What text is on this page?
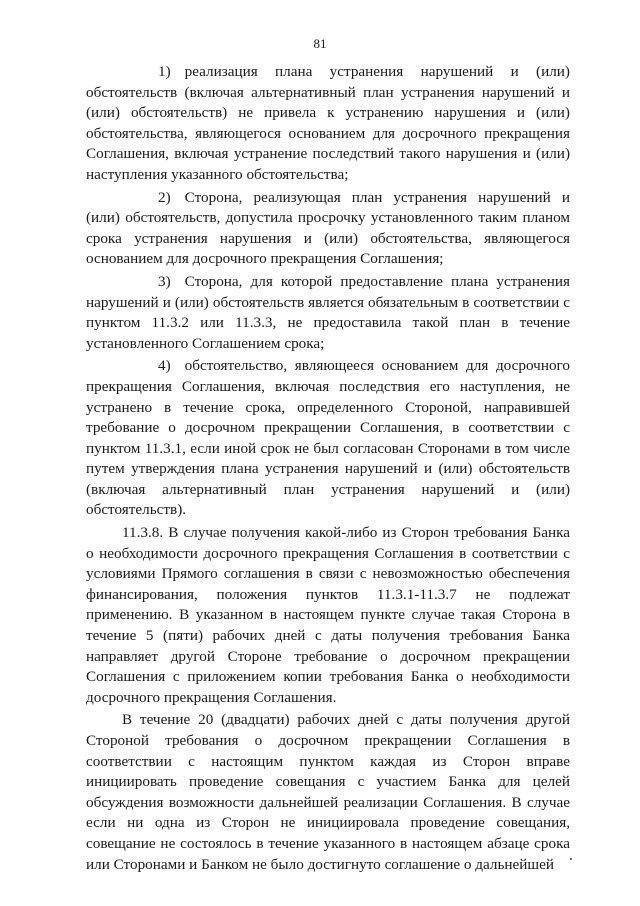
81

1) реализация плана устранения нарушений и (или) обстоятельств (включая альтернативный план устранения нарушений и (или) обстоятельств) не привела к устранению нарушения и (или) обстоятельства, являющегося основанием для досрочного прекращения Соглашения, включая устранение последствий такого нарушения и (или) наступления указанного обстоятельства;

2) Сторона, реализующая план устранения нарушений и (или) обстоятельств, допустила просрочку установленного таким планом срока устранения нарушения и (или) обстоятельства, являющегося основанием для досрочного прекращения Соглашения;

3) Сторона, для которой предоставление плана устранения нарушений и (или) обстоятельств является обязательным в соответствии с пунктом 11.3.2 или 11.3.3, не предоставила такой план в течение установленного Соглашением срока;

4) обстоятельство, являющееся основанием для досрочного прекращения Соглашения, включая последствия его наступления, не устранено в течение срока, определенного Стороной, направившей требование о досрочном прекращении Соглашения, в соответствии с пунктом 11.3.1, если иной срок не был согласован Сторонами в том числе путем утверждения плана устранения нарушений и (или) обстоятельств (включая альтернативный план устранения нарушений и (или) обстоятельств).

11.3.8. В случае получения какой-либо из Сторон требования Банка о необходимости досрочного прекращения Соглашения в соответствии с условиями Прямого соглашения в связи с невозможностью обеспечения финансирования, положения пунктов 11.3.1-11.3.7 не подлежат применению. В указанном в настоящем пункте случае такая Сторона в течение 5 (пяти) рабочих дней с даты получения требования Банка направляет другой Стороне требование о досрочном прекращении Соглашения с приложением копии требования Банка о необходимости досрочного прекращения Соглашения.

В течение 20 (двадцати) рабочих дней с даты получения другой Стороной требования о досрочном прекращении Соглашения в соответствии с настоящим пунктом каждая из Сторон вправе инициировать проведение совещания с участием Банка для целей обсуждения возможности дальнейшей реализации Соглашения. В случае если ни одна из Сторон не инициировала проведение совещания, совещание не состоялось в течение указанного в настоящем абзаце срока или Сторонами и Банком не было достигнуто соглашение о дальнейшей
